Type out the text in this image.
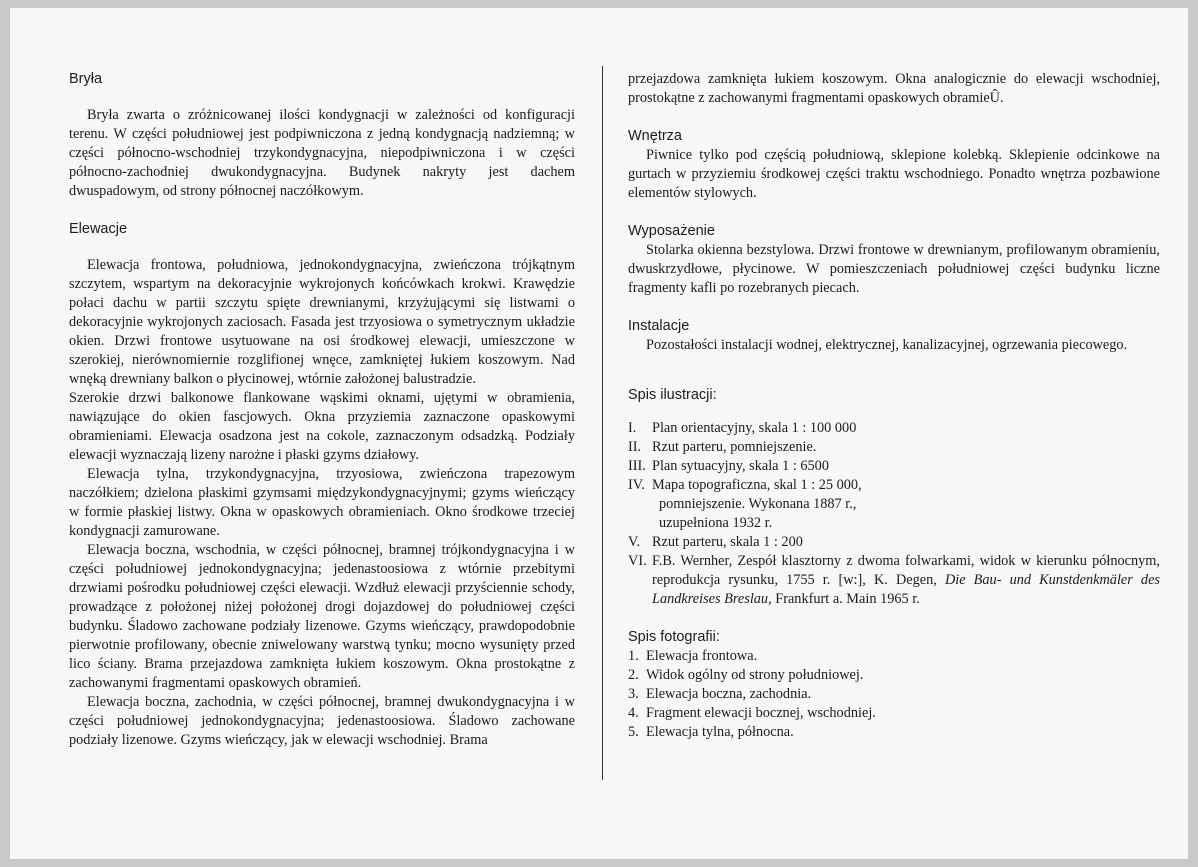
Bryła

Bryła zwarta o zróżnicowanej ilości kondygnacji w zależności od konfiguracji terenu. W części południowej jest podpiwniczona z jedną kondygnacją nadziemną; w części północno-wschodniej trzykondygnacyjna, niepodpiwniczona i w części północno-zachodniej dwukondygnacyjna. Budynek nakryty jest dachem dwuspadowym, od strony północnej naczółkowym.

Elewacje

Elewacja frontowa, południowa, jednokondygnacyjna, zwieńczona trójkątnym szczytem, wspartym na dekoracyjnie wykrojonych końcówkach krokwi. Krawędzie połaci dachu w partii szczytu spięte drewnianymi, krzyżującymi się listwami o dekoracyjnie wykrojonych zaciosach. Fasada jest trzyosiowa o symetrycznym układzie okien. Drzwi frontowe usytuowane na osi środkowej elewacji, umieszczone w szerokiej, nierównomiernie rozglifionej wnęce, zamkniętej łukiem koszowym. Nad wnęką drewniany balkon o płycinowej, wtórnie założonej balustradzie.

Szerokie drzwi balkonowe flankowane wąskimi oknami, ujętymi w obramienia, nawiązujące do okien fascjowych. Okna przyziemia zaznaczone opaskowymi obramieniami. Elewacja osadzona jest na cokole, zaznaczonym odsadzką. Podziały elewacji wyznaczają lizeny narożne i płaski gzyms działowy.

Elewacja tylna, trzykondygnacyjna, trzyosiowa, zwieńczona trapezowym naczółkiem; dzielona płaskimi gzymsami międzykondygnacyjnymi; gzyms wieńczący w formie płaskiej listwy. Okna w opaskowych obramieniach. Okno środkowe trzeciej kondygnacji zamurowane.

Elewacja boczna, wschodnia, w części północnej, bramnej trójkondygnacyjna i w części południowej jednokondygnacyjna; jedenastoosiowa z wtórnie przebitymi drzwiami pośrodku południowej części elewacji. Wzdłuż elewacji przyściennie schody, prowadzące z położonej niżej położonej drogi dojazdowej do południowej części budynku. Śladowo zachowane podziały lizenowe. Gzyms wieńczący, prawdopodobnie pierwotnie profilowany, obecnie zniwelowany warstwą tynku; mocno wysunięty przed lico ściany. Brama przejazdowa zamknięta łukiem koszowym. Okna prostokątne z zachowanymi fragmentami opaskowych obramień.

Elewacja boczna, zachodnia, w części północnej, bramnej dwukondygnacyjna i w części południowej jednokondygnacyjna; jedenastoosiowa. Śladowo zachowane podziały lizenowe. Gzyms wieńczący, jak w elewacji wschodniej. Brama

przejazdowa zamknięta łukiem koszowym. Okna analogicznie do elewacji wschodniej, prostokątne z zachowanymi fragmentami opaskowych obramieÛ.

Wnętrza

Piwnice tylko pod częścią południową, sklepione kolebką. Sklepienie odcinkowe na gurtach w przyziemiu środkowej części traktu wschodniego. Ponadto wnętrza pozbawione elementów stylowych.

Wyposażenie

Stolarka okienna bezstylowa. Drzwi frontowe w drewnianym, profilowanym obramieniu, dwuskrzydłowe, płycinowe. W pomieszczeniach południowej części budynku liczne fragmenty kafli po rozebranych piecach.

Instalacje

Pozostałości instalacji wodnej, elektrycznej, kanalizacyjnej, ogrzewania piecowego.

Spis ilustracji:

I.	Plan orientacyjny, skala 1 : 100 000
II. Rzut parteru, pomniejszenie.
III. Plan sytuacyjny, skala 1 : 6500
IV. Mapa topograficzna, skal 1 : 25 000,
pomniejszenie. Wykonana 1887 r.,
uzupełniona 1932 r.
V. Rzut parteru, skala 1 : 200
VI. F.B. Wernher, Zespół klasztorny z dwoma folwarkami, widok w kierunku północnym, reprodukcja rysunku, 1755 r. [w:], K. Degen, Die Bau- und Kunstdenkmäler des Landkreises Breslau, Frankfurt a. Main 1965 r.

Spis fotografii:

1. Elewacja frontowa.
2. Widok ogólny od strony południowej.
3. Elewacja boczna, zachodnia.
4. Fragment elewacji bocznej, wschodniej.
5. Elewacja tylna, północna.
